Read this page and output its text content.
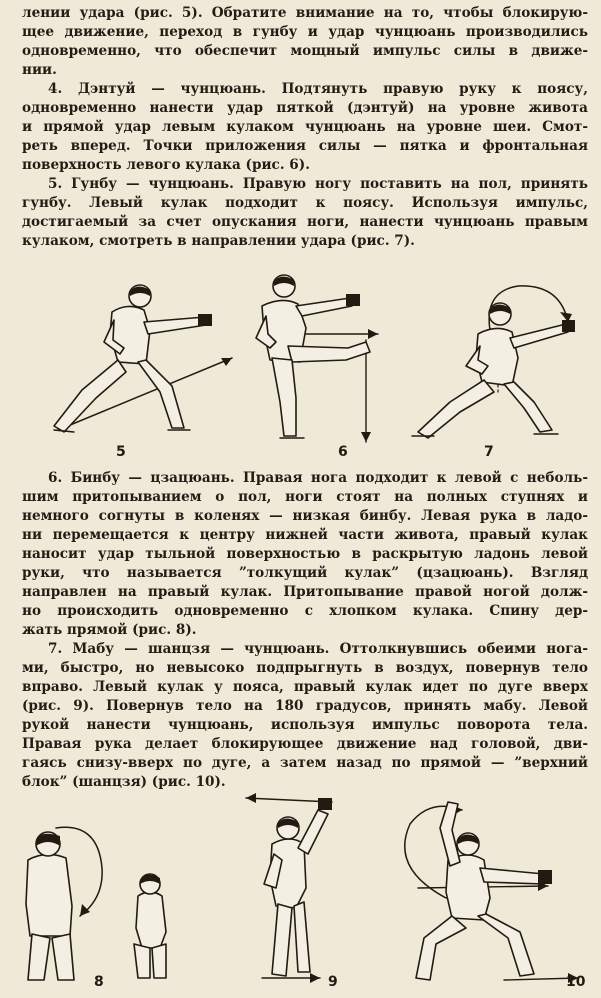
лении удара (рис. 5). Обратите внимание на то, чтобы блокирую-
щее движение, переход в гунбу и удар чунцюань производились
одновременно, что обеспечит мощный импульс силы в движе-
нии.
4. Дэнтуй — чунцюань. Подтянуть правую руку к поясу,
одновременно нанести удар пяткой (дэнтуй) на уровне живота
и прямой удар левым кулаком чунцюань на уровне шеи. Смот-
реть вперед. Точки приложения силы — пятка и фронтальная
поверхность левого кулака (рис. 6).
5. Гунбу — чунцюань. Правую ногу поставить на пол, принять
гунбу. Левый кулак подходит к поясу. Используя импульс,
достигаемый за счет опускания ноги, нанести чунцюань правым
кулаком, смотреть в направлении удара (рис. 7).
5	6	7
6. Бинбу — цзацюань. Правая нога подходит к левой с неболь-
шим притопыванием о пол, ноги стоят на полных ступнях и
немного согнуты в коленях — низкая бинбу. Левая рука в ладо-
ни перемещается к центру нижней части живота, правый кулак
наносит удар тыльной поверхностью в раскрытую ладонь левой
руки, что называется ”толкущий кулак” (цзацюань). Взгляд
направлен на правый кулак. Притопывание правой ногой долж-
но происходить одновременно с хлопком кулака. Спину дер-
жать прямой (рис. 8).
7. Мабу — шанцзя — чунцюань. Оттолкнувшись обеими нога-
ми, быстро, но невысоко подпрыгнуть в воздух, повернув тело
вправо. Левый кулак у пояса, правый кулак идет по дуге вверх
(рис. 9). Повернув тело на 180 градусов, принять мабу. Левой
рукой нанести чунцюань, используя импульс поворота тела.
Правая рука делает блокирующее движение над головой, дви-
гаясь снизу-вверх по дуге, а затем назад по прямой — ”верхний
блок” (шанцзя) (рис. 10).
8	9	10
